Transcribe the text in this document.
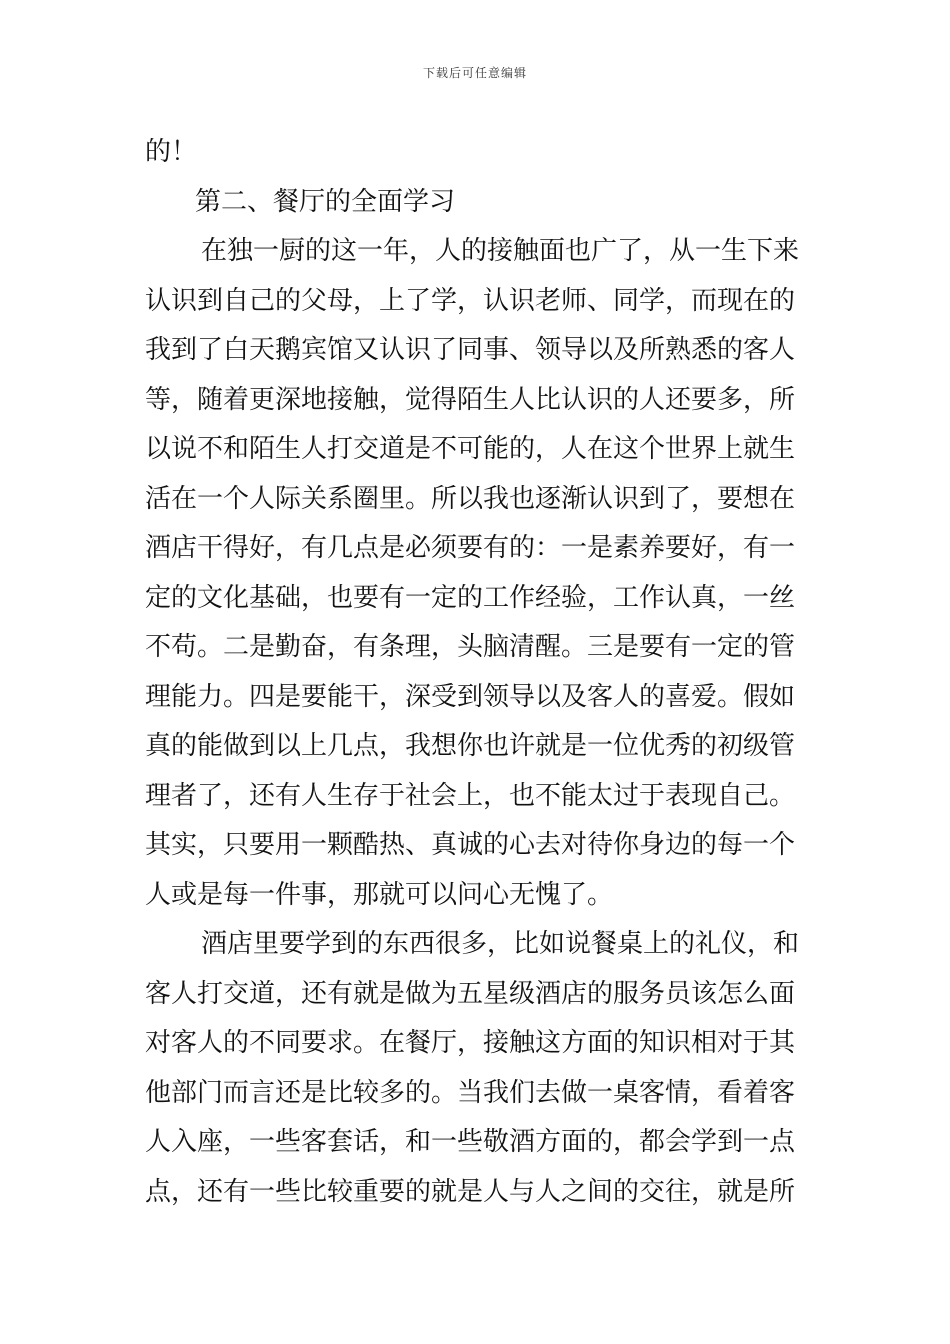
下载后可任意编辑
的！
第二、餐厅的全面学习
在独一厨的这一年，人的接触面也广了，从一生下来
认识到自己的父母，上了学，认识老师、同学，而现在的
我到了白天鹅宾馆又认识了同事、领导以及所熟悉的客人
等，随着更深地接触，觉得陌生人比认识的人还要多，所
以说不和陌生人打交道是不可能的，人在这个世界上就生
活在一个人际关系圈里。所以我也逐渐认识到了，要想在
酒店干得好，有几点是必须要有的：一是素养要好，有一
定的文化基础，也要有一定的工作经验，工作认真，一丝
不苟。二是勤奋，有条理，头脑清醒。三是要有一定的管
理能力。四是要能干，深受到领导以及客人的喜爱。假如
真的能做到以上几点，我想你也许就是一位优秀的初级管
理者了，还有人生存于社会上，也不能太过于表现自己。
其实，只要用一颗酷热、真诚的心去对待你身边的每一个
人或是每一件事，那就可以问心无愧了。
酒店里要学到的东西很多，比如说餐桌上的礼仪，和
客人打交道，还有就是做为五星级酒店的服务员该怎么面
对客人的不同要求。在餐厅，接触这方面的知识相对于其
他部门而言还是比较多的。当我们去做一桌客情，看着客
人入座，一些客套话，和一些敬酒方面的，都会学到一点
点，还有一些比较重要的就是人与人之间的交往，就是所
